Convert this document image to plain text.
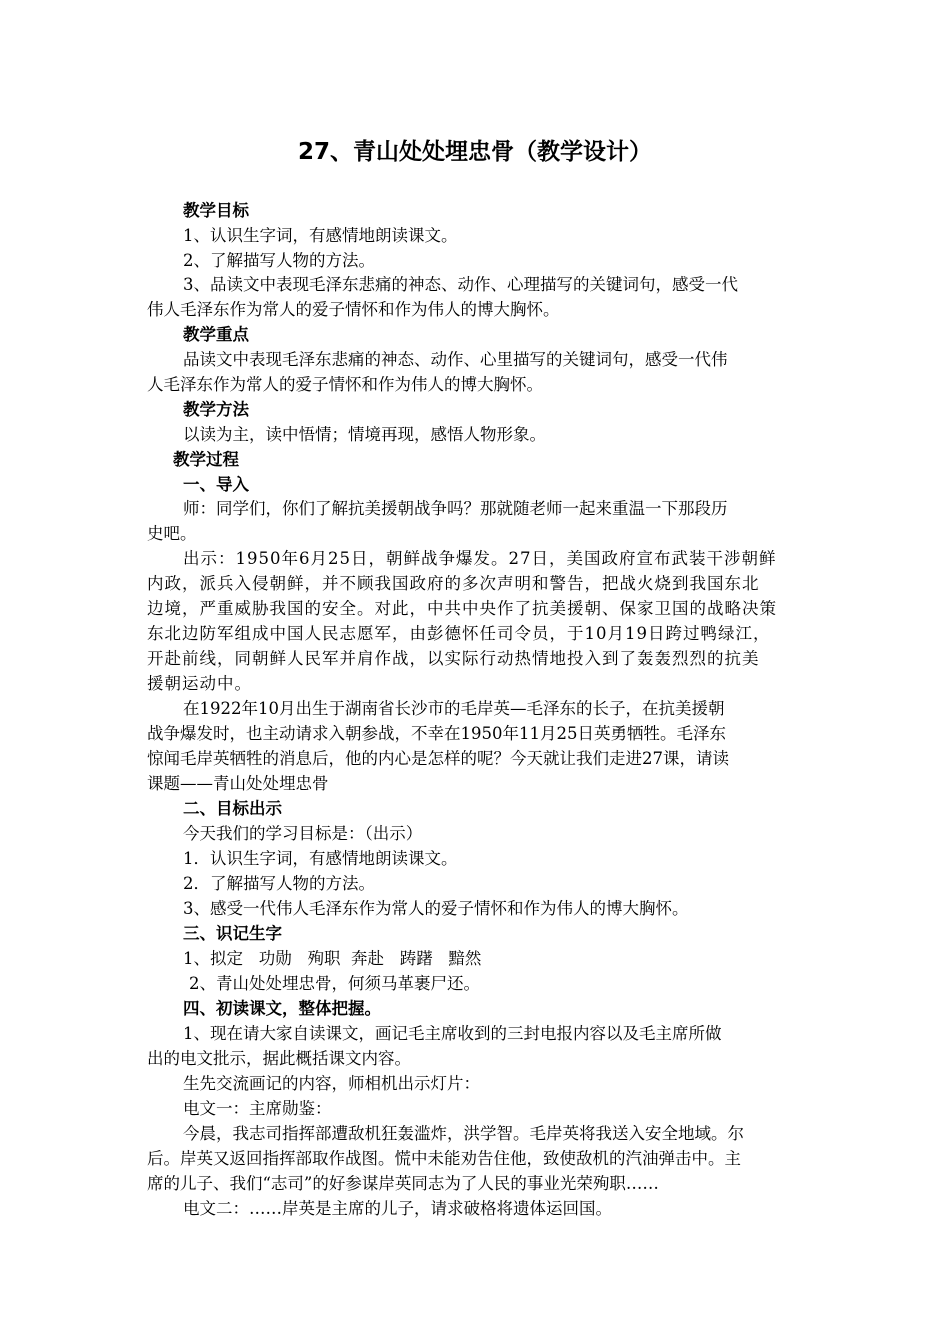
27、青山处处埋忠骨（教学设计）
教学目标
1、认识生字词，有感情地朗读课文。
2、了解描写人物的方法。
3、品读文中表现毛泽东悲痛的神态、动作、心理描写的关键词句，感受一代
伟人毛泽东作为常人的爱子情怀和作为伟人的博大胸怀。
教学重点
品读文中表现毛泽东悲痛的神态、动作、心里描写的关键词句，感受一代伟
人毛泽东作为常人的爱子情怀和作为伟人的博大胸怀。
教学方法
以读为主，读中悟情；情境再现，感悟人物形象。
教学过程
一、导入
师：同学们，你们了解抗美援朝战争吗？那就随老师一起来重温一下那段历
史吧。
出示：1950年6月25日，朝鲜战争爆发。27日，美国政府宣布武装干涉朝鲜
内政，派兵入侵朝鲜，并不顾我国政府的多次声明和警告，把战火烧到我国东北
边境，严重威胁我国的安全。对此，中共中央作了抗美援朝、保家卫国的战略决策
东北边防军组成中国人民志愿军，由彭德怀任司令员，于10月19日跨过鸭绿江，
开赴前线，同朝鲜人民军并肩作战，以实际行动热情地投入到了轰轰烈烈的抗美
援朝运动中。
在1922年10月出生于湖南省长沙市的毛岸英—毛泽东的长子，在抗美援朝
战争爆发时，也主动请求入朝参战，不幸在1950年11月25日英勇牺牲。毛泽东
惊闻毛岸英牺牲的消息后，他的内心是怎样的呢？今天就让我们走进27课，请读
课题——青山处处埋忠骨
二、目标出示
今天我们的学习目标是：（出示）
1．认识生字词，有感情地朗读课文。
2．了解描写人物的方法。
3、感受一代伟人毛泽东作为常人的爱子情怀和作为伟人的博大胸怀。
三、识记生字
1、拟定   功勋   殉职  奔赴   踌躇   黯然
2、青山处处埋忠骨，何须马革裹尸还。
四、初读课文，整体把握。
1、现在请大家自读课文，画记毛主席收到的三封电报内容以及毛主席所做
出的电文批示，据此概括课文内容。
生先交流画记的内容，师相机出示灯片：
电文一：主席勋鉴：
今晨，我志司指挥部遭敌机狂轰滥炸，洪学智。毛岸英将我送入安全地域。尔
后。岸英又返回指挥部取作战图。慌中未能劝告住他，致使敌机的汽油弹击中。主
席的儿子、我们“志司”的好参谋岸英同志为了人民的事业光荣殉职……
电文二：……岸英是主席的儿子，请求破格将遗体运回国。
